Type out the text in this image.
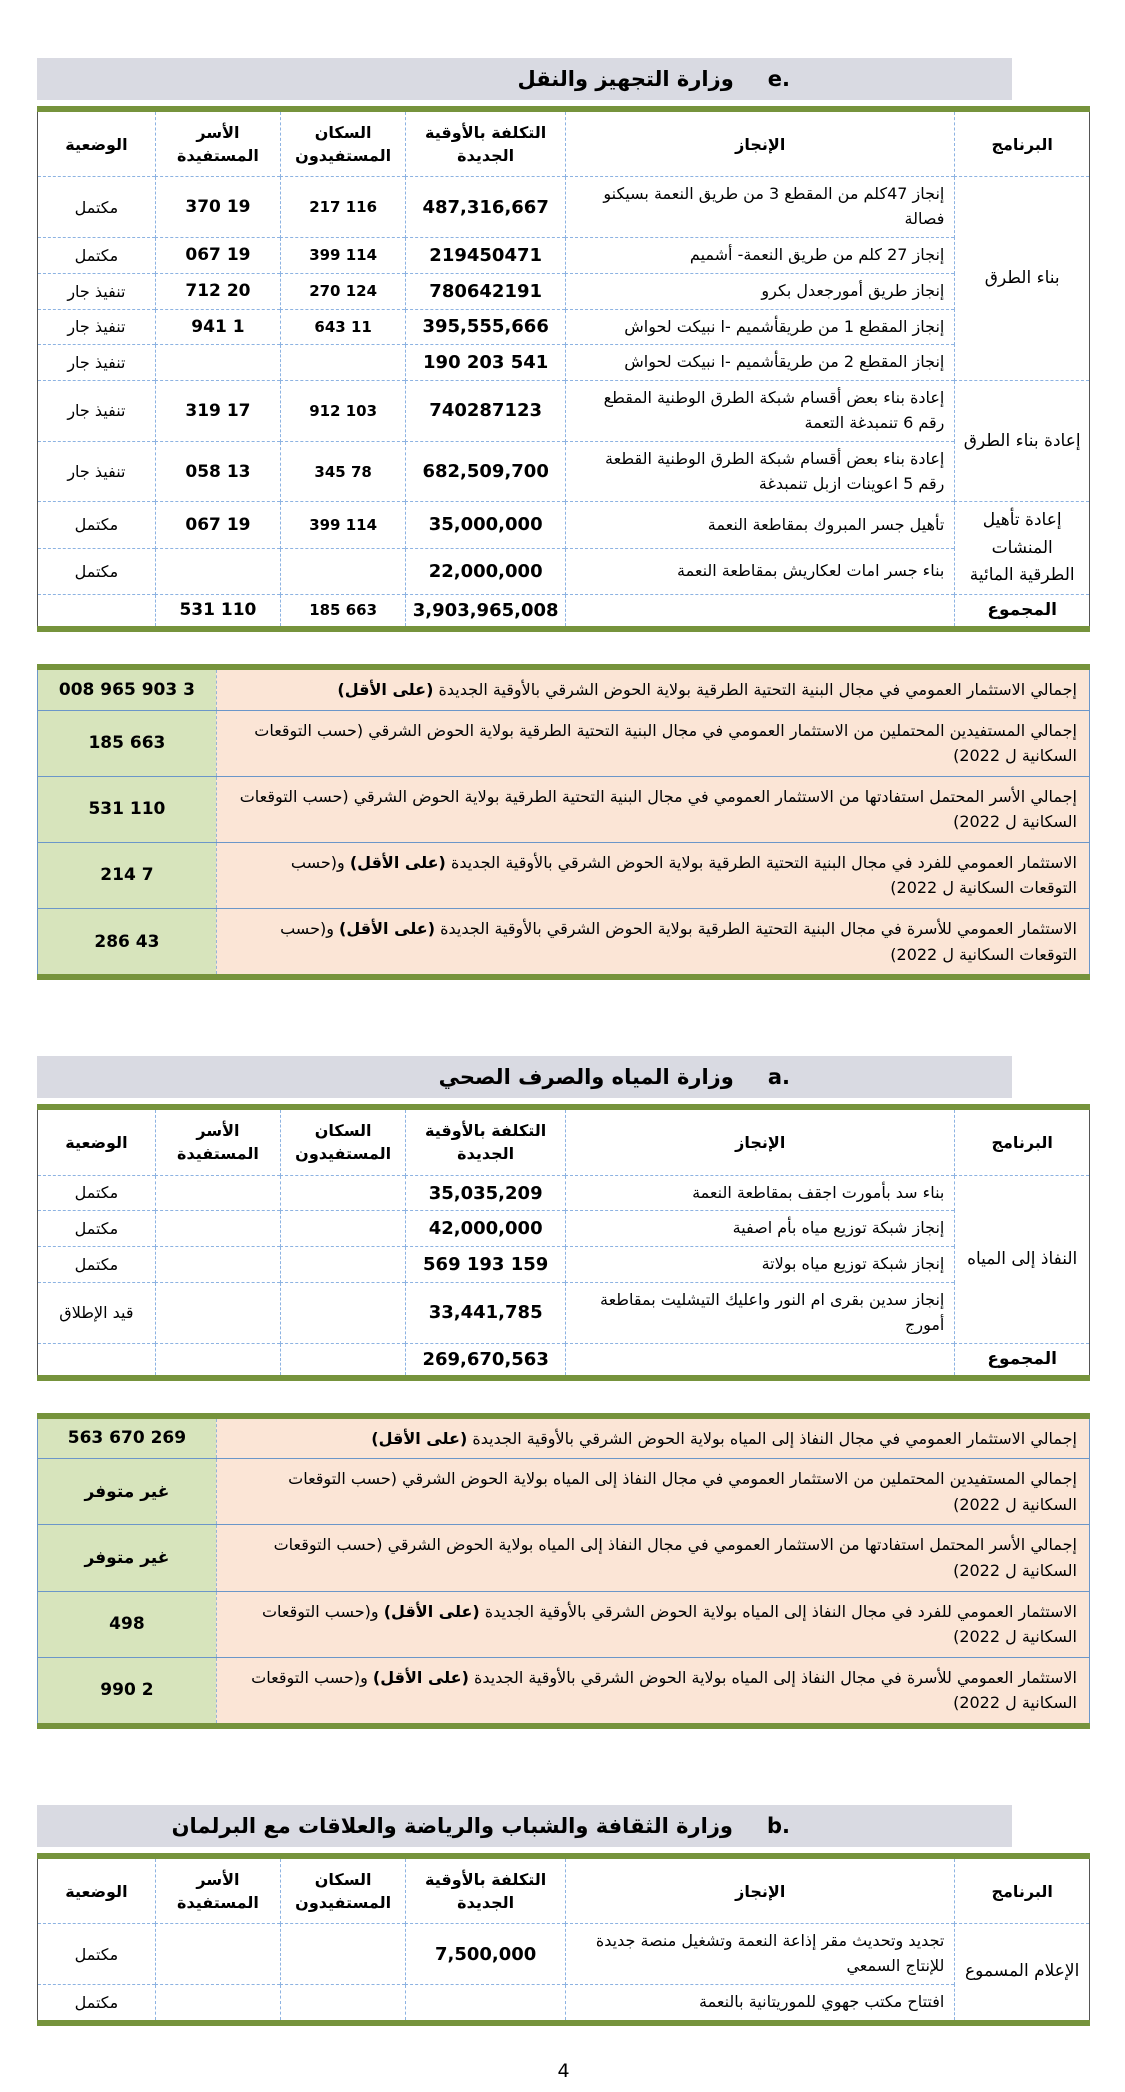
e.
وزارة التجهيز والنقل
البرنامج	الإنجاز	التكلفة بالأوقية الجديدة	السكان المستفيدون	الأسر المستفيدة	الوضعية
بناء الطرق	إنجاز 47كلم من المقطع 3 من طريق النعمة بسيكنو فصالة	487,316,667	116 217	19 370	مكتمل
	إنجاز 27 كلم من طريق النعمة- أشميم	219450471	114 399	19 067	مكتمل
	إنجاز طريق أمورجعدل بكرو	780642191	124 270	20 712	تنفيذ جار
	إنجاز المقطع 1 من طريقأشميم -ا نبيكت لحواش	395,555,666	11 643	1 941	تنفيذ جار
	إنجاز المقطع 2 من طريقأشميم -ا نبيكت لحواش	541 203 190			تنفيذ جار
إعادة بناء الطرق	إعادة بناء بعض أقسام شبكة الطرق الوطنية المقطع رقم 6 تنمبدغة التعمة	740287123	103 912	17 319	تنفيذ جار
	إعادة بناء بعض أقسام شبكة الطرق الوطنية القطعة رقم 5 اعوينات ازبل تنمبدغة	682,509,700	78 345	13 058	تنفيذ جار
إعادة تأهيل المنشات الطرقية المائية	تأهيل جسر المبروك بمقاطعة النعمة	35,000,000	114 399	19 067	مكتمل
	بناء جسر امات لعكاريش بمقاطعة النعمة	22,000,000			مكتمل
المجموع		3,903,965,008	663 185	110 531	
إجمالي الاستثمار العمومي في مجال البنية التحتية الطرقية بولاية الحوض الشرقي بالأوقية الجديدة (على الأقل)	3 903 965 008
إجمالي المستفيدين المحتملين من الاستثمار العمومي في مجال البنية التحتية الطرقية بولاية الحوض الشرقي (حسب التوقعات السكانية ل 2022)	663 185
إجمالي الأسر المحتمل استفادتها من الاستثمار العمومي في مجال البنية التحتية الطرقية بولاية الحوض الشرقي (حسب التوقعات السكانية ل 2022)	110 531
الاستثمار العمومي للفرد في مجال البنية التحتية الطرقية بولاية الحوض الشرقي بالأوقية الجديدة (على الأقل) و(حسب التوقعات السكانية ل 2022)	7 214
الاستثمار العمومي للأسرة في مجال البنية التحتية الطرقية بولاية الحوض الشرقي بالأوقية الجديدة (على الأقل) و(حسب التوقعات السكانية ل 2022)	43 286
a.
وزارة المياه والصرف الصحي
البرنامج	الإنجاز	التكلفة بالأوقية الجديدة	السكان المستفيدون	الأسر المستفيدة	الوضعية
النفاذ إلى المياه	بناء سد بأمورت اجقف بمقاطعة النعمة	35,035,209			مكتمل
	إنجاز شبكة توزيع مياه بأم اصفية	42,000,000			مكتمل
	إنجاز شبكة توزيع مياه بولاتة	159 193 569			مكتمل
	إنجاز سدين بقرى ام النور واعليك التيشليت بمقاطعة أمورج	33,441,785			قيد الإطلاق
المجموع		269,670,563			
إجمالي الاستثمار العمومي في مجال النفاذ إلى المياه بولاية الحوض الشرقي بالأوقية الجديدة (على الأقل)	269 670 563
إجمالي المستفيدين المحتملين من الاستثمار العمومي في مجال النفاذ إلى المياه بولاية الحوض الشرقي (حسب التوقعات السكانية ل 2022)	غير متوفر
إجمالي الأسر المحتمل استفادتها من الاستثمار العمومي في مجال النفاذ إلى المياه بولاية الحوض الشرقي (حسب التوقعات السكانية ل 2022)	غير متوفر
الاستثمار العمومي للفرد في مجال النفاذ إلى المياه بولاية الحوض الشرقي بالأوقية الجديدة (على الأقل) و(حسب التوقعات السكانية ل 2022)	498
الاستثمار العمومي للأسرة في مجال النفاذ إلى المياه بولاية الحوض الشرقي بالأوقية الجديدة (على الأقل) و(حسب التوقعات السكانية ل 2022)	2 990
b.
وزارة الثقافة والشباب والرياضة والعلاقات مع البرلمان
البرنامج	الإنجاز	التكلفة بالأوقية الجديدة	السكان المستفيدون	الأسر المستفيدة	الوضعية
الإعلام المسموع	تجديد وتحديث مقر إذاعة النعمة وتشغيل منصة جديدة للإنتاج السمعي	7,500,000			مكتمل
	افتتاح مكتب جهوي للموريتانية بالنعمة				مكتمل
4
